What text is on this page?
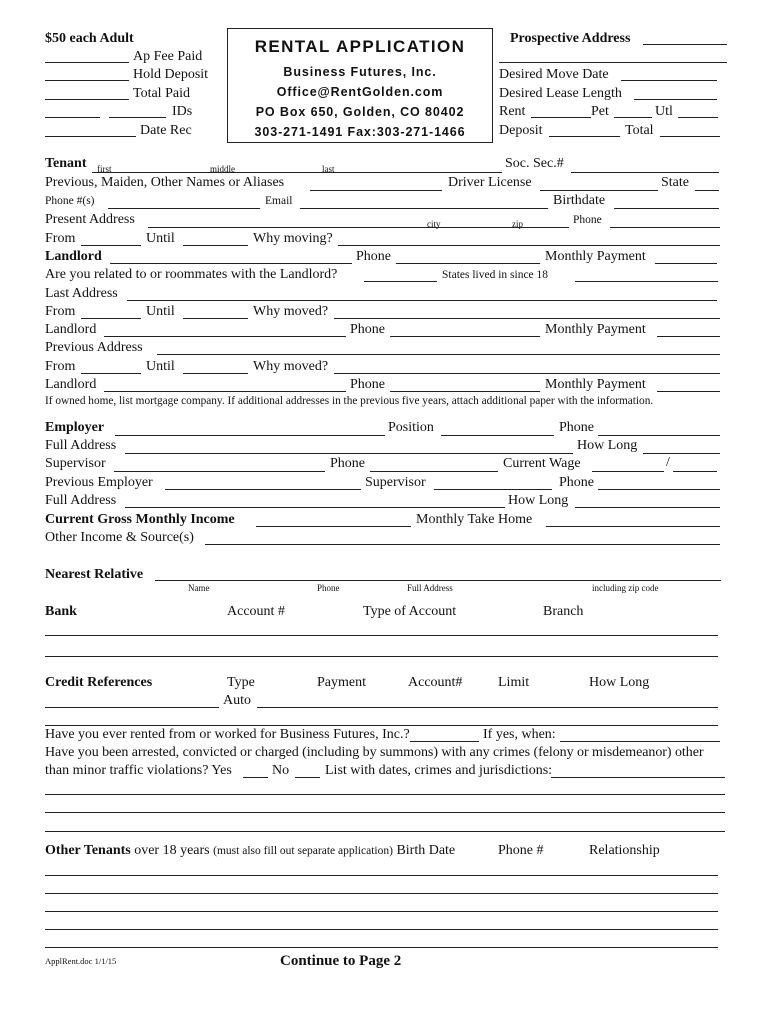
$50 each Adult
Ap Fee Paid
Hold Deposit
Total Paid
IDs
Date Rec
RENTAL APPLICATION
Business Futures, Inc.
Office@RentGolden.com
PO Box 650, Golden, CO 80402
303-271-1491 Fax:303-271-1466
Prospective Address
Desired Move Date
Desired Lease Length
Rent	Pet	Utl
Deposit	Total
Tenant first	middle	last	Soc. Sec.#
Previous, Maiden, Other Names or Aliases	Driver License	State
Phone #(s)	Email	Birthdate
Present Address	city	zip	Phone
From	Until	Why moving?
Landlord	Phone	Monthly Payment
Are you related to or roommates with the Landlord?	States lived in since 18
Last Address
From	Until	Why moved?
Landlord	Phone	Monthly Payment
Previous Address
From	Until	Why moved?
Landlord	Phone	Monthly Payment
If owned home, list mortgage company. If additional addresses in the previous five years, attach additional paper with the information.
Employer	Position	Phone
Full Address	How Long
Supervisor	Phone	Current Wage	/
Previous Employer	Supervisor	Phone
Full Address	How Long
Current Gross Monthly Income	Monthly Take Home
Other Income & Source(s)
Nearest Relative
Name	Phone	Full Address	including zip code
Bank	Account #	Type of Account	Branch
Credit References	Type	Payment	Account#	Limit	How Long
Auto
Have you ever rented from or worked for Business Futures, Inc.?	If yes, when:
Have you been arrested, convicted or charged (including by summons) with any crimes (felony or misdemeanor) other
than minor traffic violations? Yes	No	List with dates, crimes and jurisdictions:
Other Tenants over 18 years (must also fill out separate application) Birth Date	Phone #	Relationship
ApplRent.doc 1/1/15	Continue to Page 2
